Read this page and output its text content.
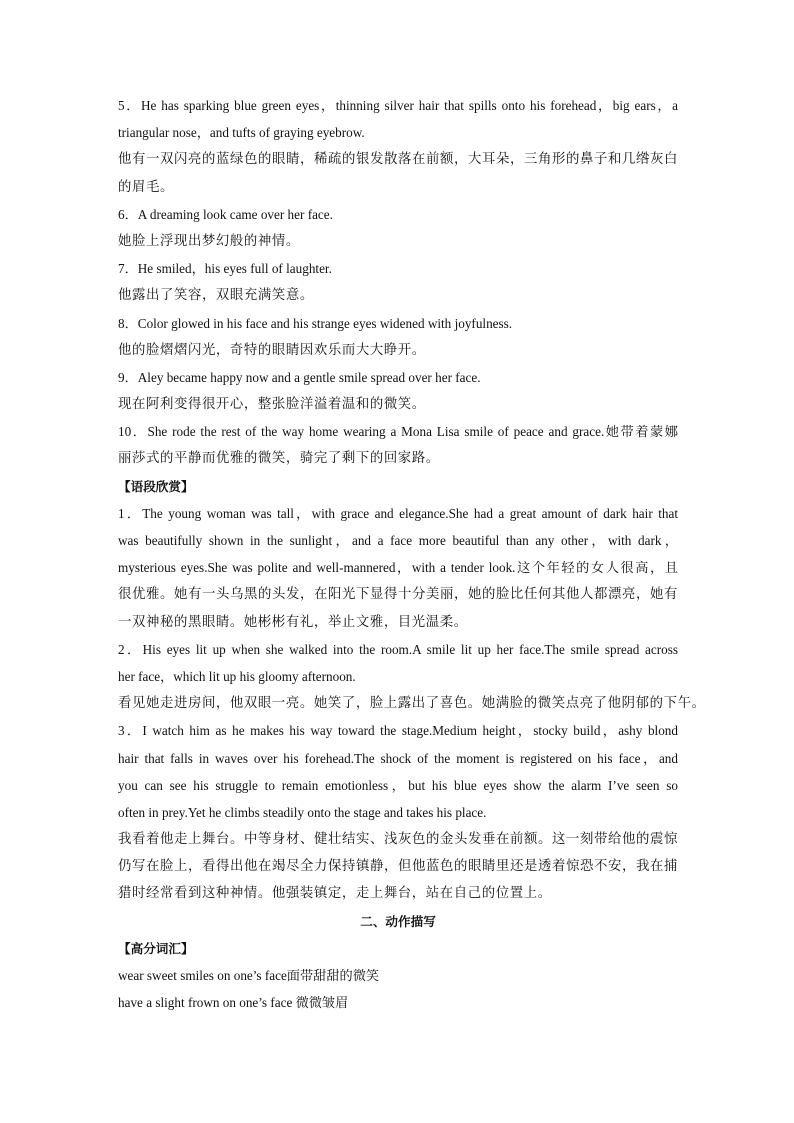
5．He has sparking blue green eyes，thinning silver hair that spills onto his forehead，big ears，a
triangular nose，and tufts of graying eyebrow.
他有一双闪亮的蓝绿色的眼睛，稀疏的银发散落在前额，大耳朵，三角形的鼻子和几绺灰白
的眉毛。
6．A dreaming look came over her face.
她脸上浮现出梦幻般的神情。
7．He smiled，his eyes full of laughter.
他露出了笑容，双眼充满笑意。
8．Color glowed in his face and his strange eyes widened with joyfulness.
他的脸熠熠闪光，奇特的眼睛因欢乐而大大睁开。
9．Aley became happy now and a gentle smile spread over her face.
现在阿利变得很开心，整张脸洋溢着温和的微笑。
10．She rode the rest of the way home wearing a Mona Lisa smile of peace and grace.她带着蒙娜
丽莎式的平静而优雅的微笑，骑完了剩下的回家路。
【语段欣赏】
1．The young woman was tall，with grace and elegance.She had a great amount of dark hair that
was beautifully shown in the sunlight，and a face more beautiful than any other，with dark，
mysterious eyes.She was polite and well-mannered，with a tender look.这个年轻的女人很高，且
很优雅。她有一头乌黑的头发，在阳光下显得十分美丽，她的脸比任何其他人都漂亮，她有
一双神秘的黑眼睛。她彬彬有礼，举止文雅，目光温柔。
2．His eyes lit up when she walked into the room.A smile lit up her face.The smile spread across
her face，which lit up his gloomy afternoon.
看见她走进房间，他双眼一亮。她笑了，脸上露出了喜色。她满脸的微笑点亮了他阴郁的下午。
3．I watch him as he makes his way toward the stage.Medium height，stocky build，ashy blond
hair that falls in waves over his forehead.The shock of the moment is registered on his face，and
you can see his struggle to remain emotionless，but his blue eyes show the alarm I’ve seen so
often in prey.Yet he climbs steadily onto the stage and takes his place.
我看着他走上舞台。中等身材、健壮结实、浅灰色的金头发垂在前额。这一刻带给他的震惊
仍写在脸上，看得出他在竭尽全力保持镇静，但他蓝色的眼睛里还是透着惊恐不安，我在捕
猎时经常看到这种神情。他强装镇定，走上舞台，站在自己的位置上。
二、动作描写
【高分词汇】
wear sweet smiles on one’s face面带甜甜的微笑
have a slight frown on one’s face 微微皱眉
